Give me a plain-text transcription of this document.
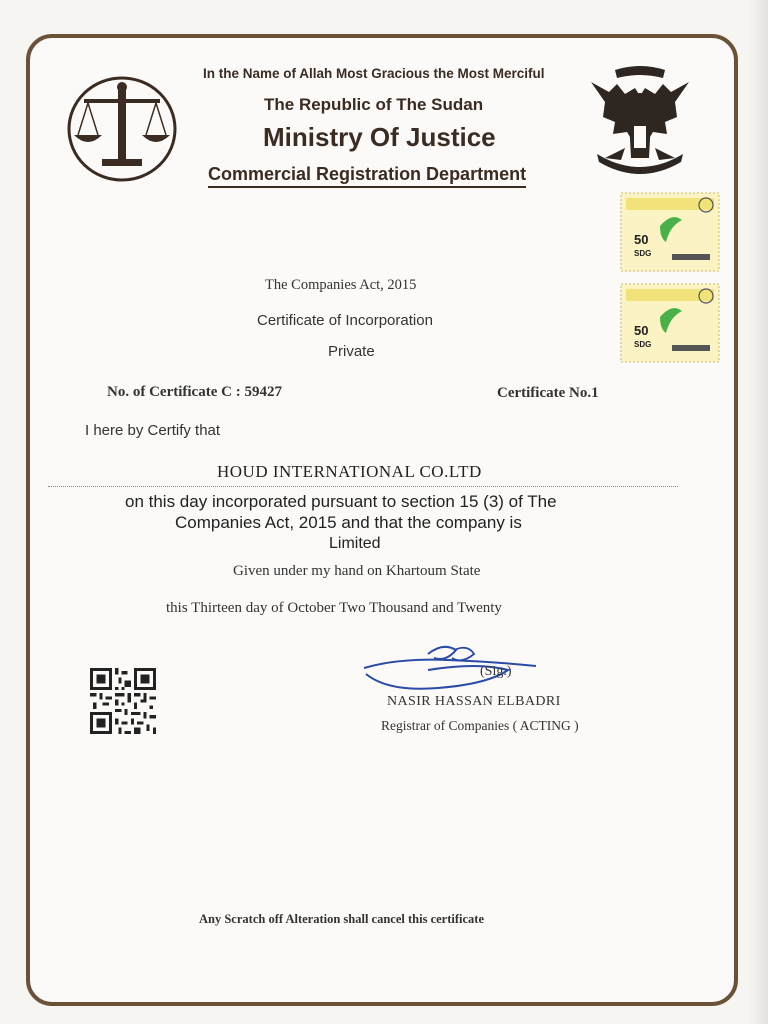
In the Name of Allah Most Gracious the Most Merciful
The Republic of The Sudan
Ministry Of Justice
Commercial Registration Department
50
SDG
50
SDG
The Companies Act, 2015
Certificate of Incorporation
Private
No. of Certificate C : 59427	Certificate No.1
I here by Certify that
HOUD INTERNATIONAL CO.LTD
on this day incorporated pursuant to section 15 (3) of The
Companies Act, 2015 and that the company is
Limited
Given under my hand on Khartoum State
this Thirteen day of October Two Thousand and Twenty
(Sig.)
NASIR HASSAN ELBADRI
Registrar of Companies ( ACTING )
Any Scratch off Alteration shall cancel this certificate
